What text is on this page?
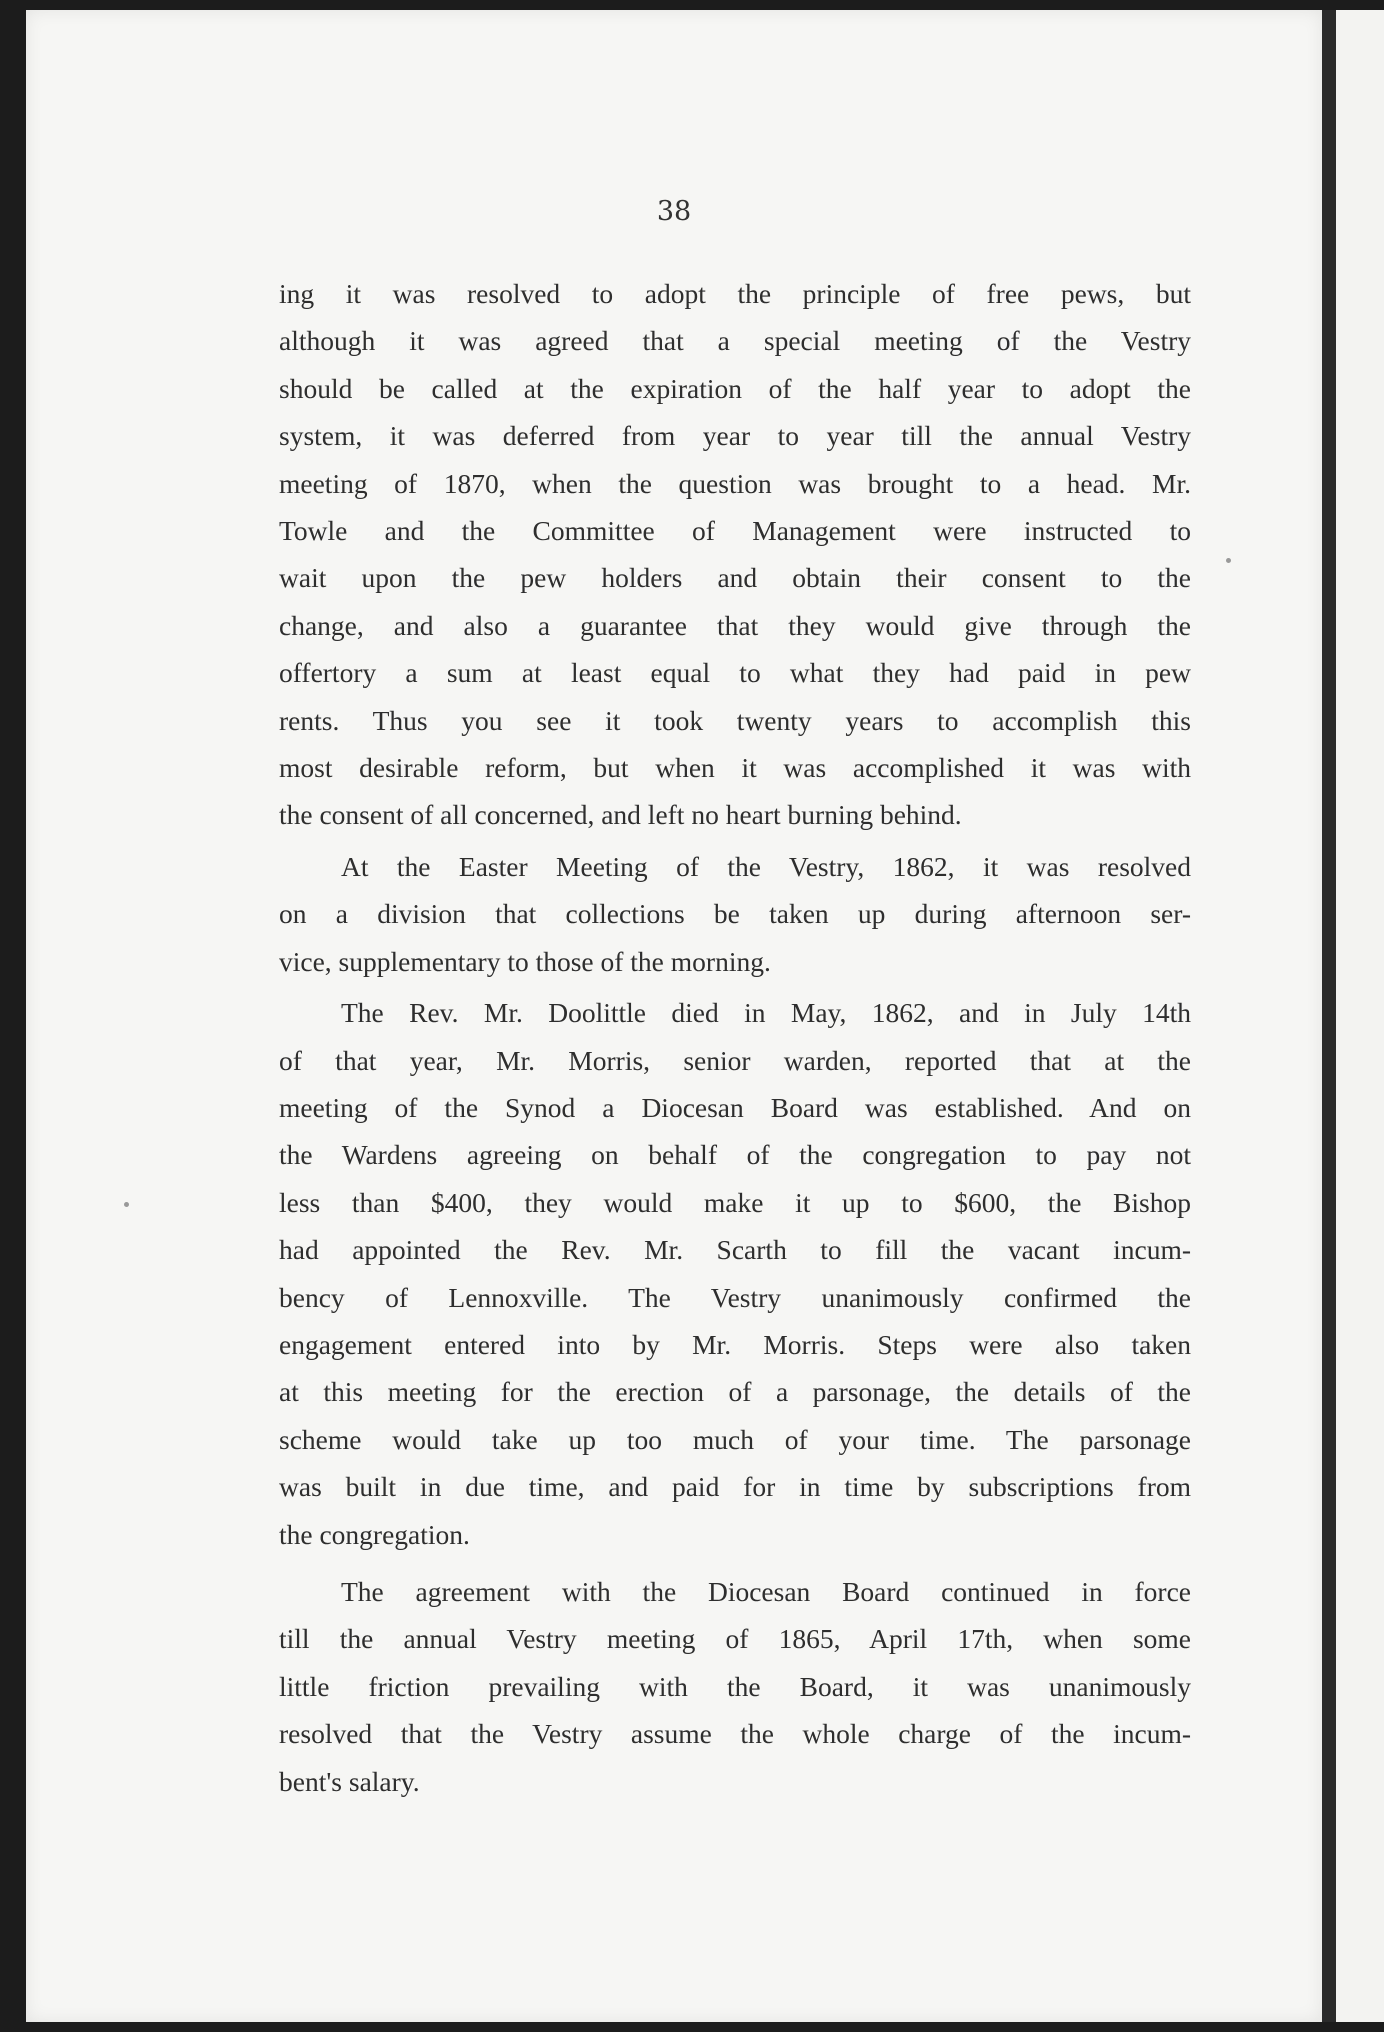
38
ing it was resolved to adopt the principle of free pews, but
although it was agreed that a special meeting of the Vestry
should be called at the expiration of the half year to adopt the
system, it was deferred from year to year till the annual Vestry
meeting of 1870, when the question was brought to a head. Mr.
Towle and the Committee of Management were instructed to
wait upon the pew holders and obtain their consent to the
change, and also a guarantee that they would give through the
offertory a sum at least equal to what they had paid in pew
rents. Thus you see it took twenty years to accomplish this
most desirable reform, but when it was accomplished it was with
the consent of all concerned, and left no heart burning behind.
At the Easter Meeting of the Vestry, 1862, it was resolved
on a division that collections be taken up during afternoon ser-
vice, supplementary to those of the morning.
The Rev. Mr. Doolittle died in May, 1862, and in July 14th
of that year, Mr. Morris, senior warden, reported that at the
meeting of the Synod a Diocesan Board was established. And on
the Wardens agreeing on behalf of the congregation to pay not
less than $400, they would make it up to $600, the Bishop
had appointed the Rev. Mr. Scarth to fill the vacant incum-
bency of Lennoxville. The Vestry unanimously confirmed the
engagement entered into by Mr. Morris. Steps were also taken
at this meeting for the erection of a parsonage, the details of the
scheme would take up too much of your time. The parsonage
was built in due time, and paid for in time by subscriptions from
the congregation.
The agreement with the Diocesan Board continued in force
till the annual Vestry meeting of 1865, April 17th, when some
little friction prevailing with the Board, it was unanimously
resolved that the Vestry assume the whole charge of the incum-
bent's salary.
